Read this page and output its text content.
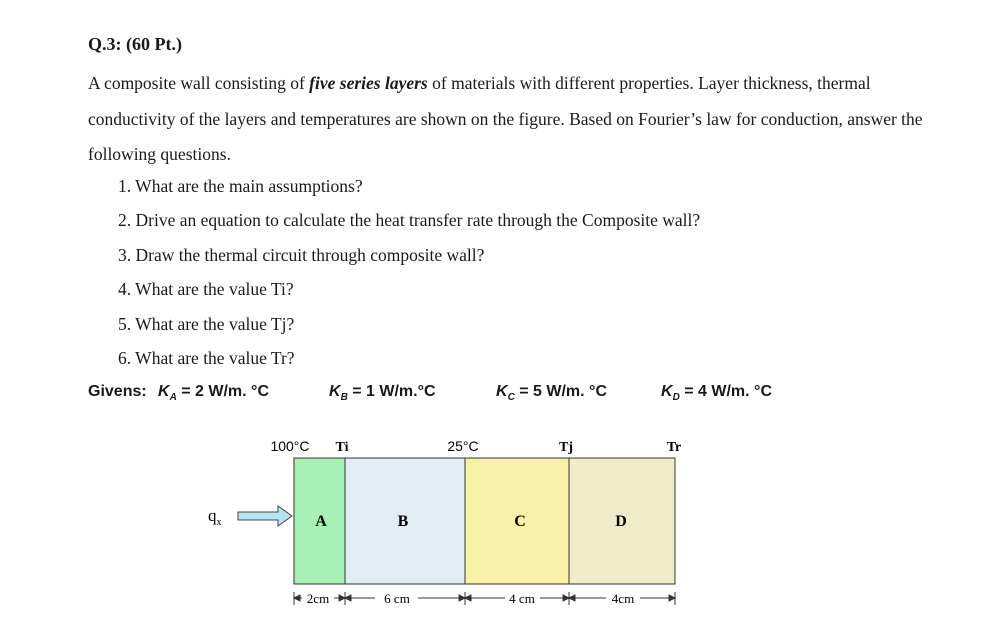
Q.3: (60 Pt.)
A composite wall consisting of five series layers of materials with different properties. Layer thickness, thermal conductivity of the layers and temperatures are shown on the figure. Based on Fourier’s law for conduction, answer the following questions.
1. What are the main assumptions?
2. Drive an equation to calculate the heat transfer rate through the Composite wall?
3. Draw the thermal circuit through composite wall?
4. What are the value Ti?
5. What are the value Tj?
6. What are the value Tr?
Givens: $K_A = 2$ W/m. °C	$K_B = 1$ W/m.°C	$K_C = 5$ W/m. °C	$K_D = 4$ W/m. °C
A	B	C	D
100°C Ti	25°C	Tj	Tr
$q_x$
2cm	6 cm	4 cm	4cm
